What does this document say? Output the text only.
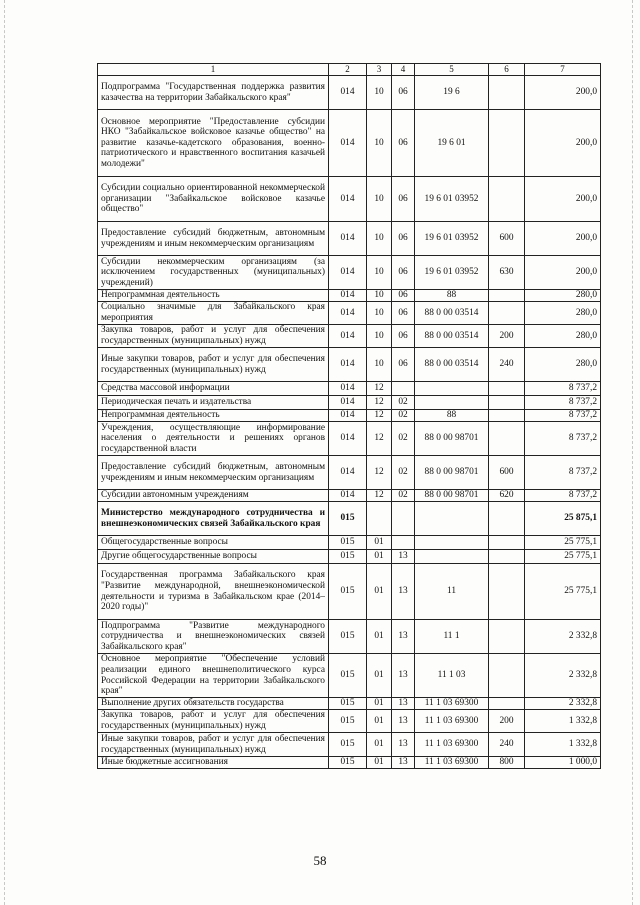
1	2	3	4	5	6	7
Подпрограмма "Государственная поддержка развития казачества на территории Забайкальского края"	014	10	06	19 6		200,0
Основное мероприятие "Предоставление субсидии НКО "Забайкальское войсковое казачье общество" на развитие казачье-кадетского образования, военно-патриотического и нравственного воспитания казачьей молодежи"	014	10	06	19 6 01		200,0
Субсидии социально ориентированной некоммерческой организации "Забайкальское войсковое казачье общество"	014	10	06	19 6 01 03952		200,0
Предоставление субсидий бюджетным, автономным учреждениям и иным некоммерческим организациям	014	10	06	19 6 01 03952	600	200,0
Субсидии некоммерческим организациям (за исключением государственных (муниципальных) учреждений)	014	10	06	19 6 01 03952	630	200,0
Непрограммная деятельность	014	10	06	88		280,0
Социально значимые для Забайкальского края мероприятия	014	10	06	88 0 00 03514		280,0
Закупка товаров, работ и услуг для обеспечения государственных (муниципальных) нужд	014	10	06	88 0 00 03514	200	280,0
Иные закупки товаров, работ и услуг для обеспечения государственных (муниципальных) нужд	014	10	06	88 0 00 03514	240	280,0
Средства массовой информации	014	12				8 737,2
Периодическая печать и издательства	014	12	02			8 737,2
Непрограммная деятельность	014	12	02	88		8 737,2
Учреждения, осуществляющие информирование населения о деятельности и решениях органов государственной власти	014	12	02	88 0 00 98701		8 737,2
Предоставление субсидий бюджетным, автономным учреждениям и иным некоммерческим организациям	014	12	02	88 0 00 98701	600	8 737,2
Субсидии автономным учреждениям	014	12	02	88 0 00 98701	620	8 737,2
Министерство международного сотрудничества и внешнеэкономических связей Забайкальского края	015					25 875,1
Общегосударственные вопросы	015	01				25 775,1
Другие общегосударственные вопросы	015	01	13			25 775,1
Государственная программа Забайкальского края "Развитие международной, внешнеэкономической деятельности и туризма в Забайкальском крае (2014–2020 годы)"	015	01	13	11		25 775,1
Подпрограмма "Развитие международного сотрудничества и внешнеэкономических связей Забайкальского края"	015	01	13	11 1		2 332,8
Основное мероприятие "Обеспечение условий реализации единого внешнеполитического курса Российской Федерации на территории Забайкальского края"	015	01	13	11 1 03		2 332,8
Выполнение других обязательств государства	015	01	13	11 1 03 69300		2 332,8
Закупка товаров, работ и услуг для обеспечения государственных (муниципальных) нужд	015	01	13	11 1 03 69300	200	1 332,8
Иные закупки товаров, работ и услуг для обеспечения государственных (муниципальных) нужд	015	01	13	11 1 03 69300	240	1 332,8
Иные бюджетные ассигнования	015	01	13	11 1 03 69300	800	1 000,0
58
